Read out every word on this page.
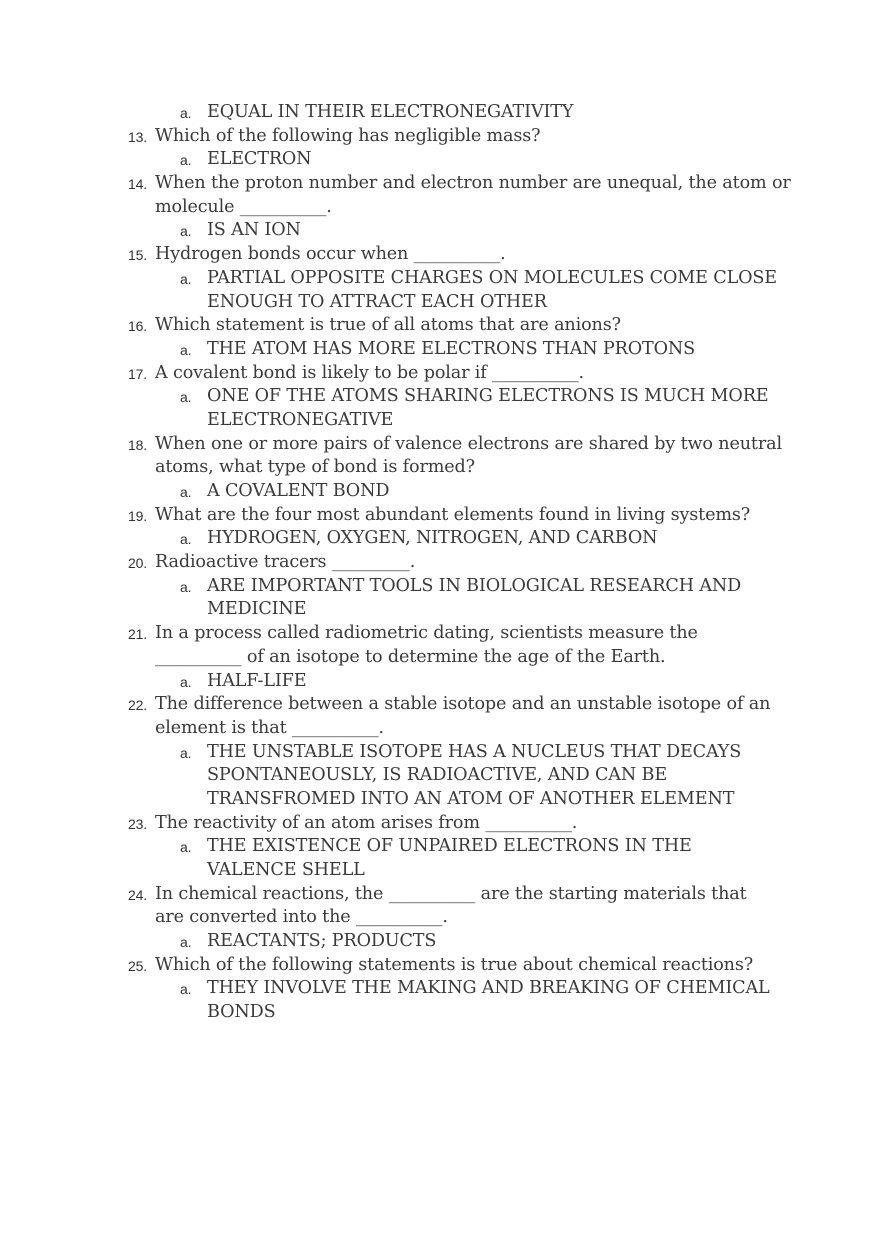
a. EQUAL IN THEIR ELECTRONEGATIVITY
13. Which of the following has negligible mass?
a. ELECTRON
14. When the proton number and electron number are unequal, the atom or
molecule __________.
a. IS AN ION
15. Hydrogen bonds occur when __________.
a. PARTIAL OPPOSITE CHARGES ON MOLECULES COME CLOSE
ENOUGH TO ATTRACT EACH OTHER
16. Which statement is true of all atoms that are anions?
a. THE ATOM HAS MORE ELECTRONS THAN PROTONS
17. A covalent bond is likely to be polar if __________.
a. ONE OF THE ATOMS SHARING ELECTRONS IS MUCH MORE
ELECTRONEGATIVE
18. When one or more pairs of valence electrons are shared by two neutral
atoms, what type of bond is formed?
a. A COVALENT BOND
19. What are the four most abundant elements found in living systems?
a. HYDROGEN, OXYGEN, NITROGEN, AND CARBON
20. Radioactive tracers _________.
a. ARE IMPORTANT TOOLS IN BIOLOGICAL RESEARCH AND
MEDICINE
21. In a process called radiometric dating, scientists measure the
__________ of an isotope to determine the age of the Earth.
a. HALF-LIFE
22. The difference between a stable isotope and an unstable isotope of an
element is that __________.
a. THE UNSTABLE ISOTOPE HAS A NUCLEUS THAT DECAYS
SPONTANEOUSLY, IS RADIOACTIVE, AND CAN BE
TRANSFROMED INTO AN ATOM OF ANOTHER ELEMENT
23. The reactivity of an atom arises from __________.
a. THE EXISTENCE OF UNPAIRED ELECTRONS IN THE
VALENCE SHELL
24. In chemical reactions, the __________ are the starting materials that
are converted into the __________.
a. REACTANTS; PRODUCTS
25. Which of the following statements is true about chemical reactions?
a. THEY INVOLVE THE MAKING AND BREAKING OF CHEMICAL
BONDS
